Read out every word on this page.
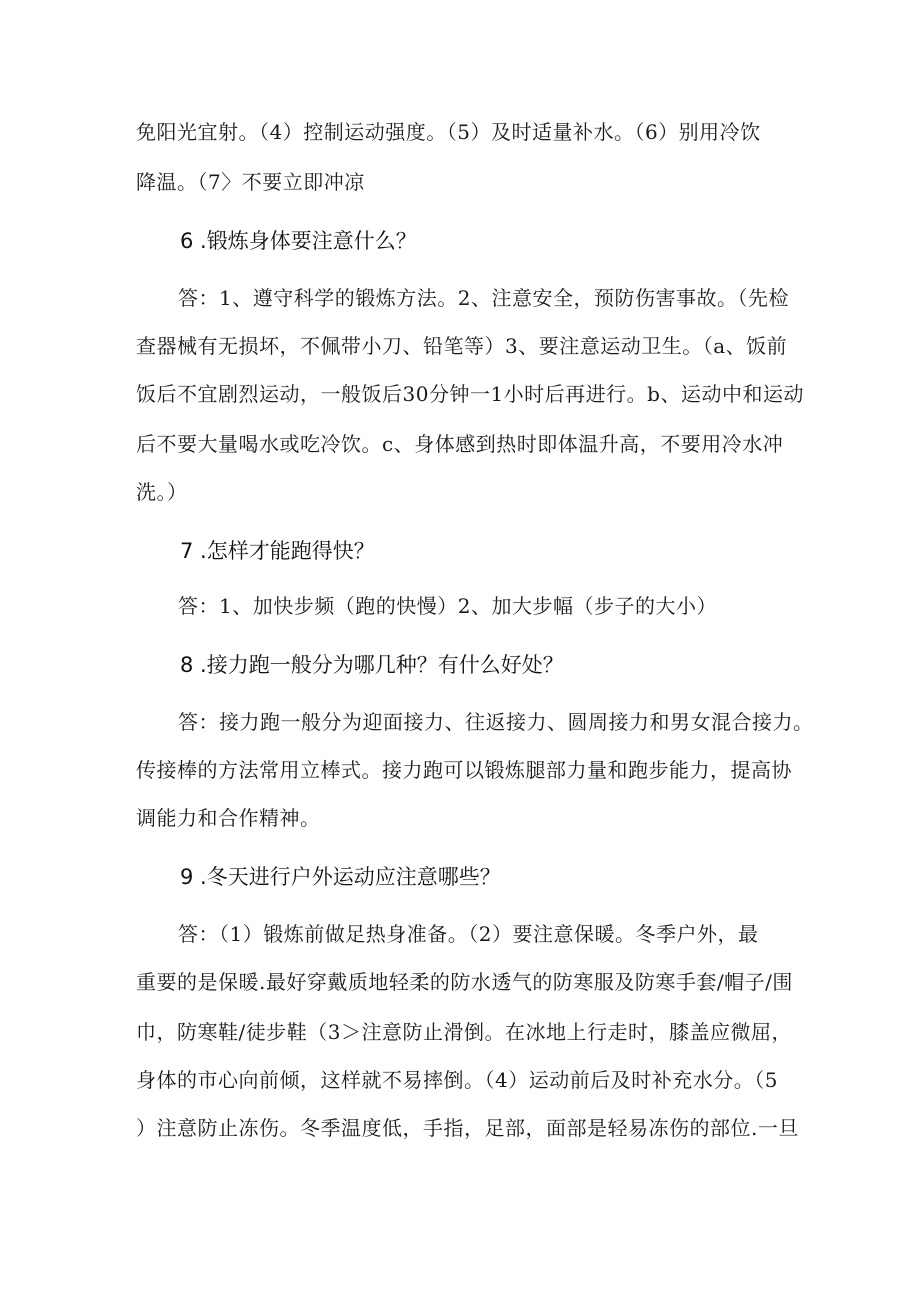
免阳光宜射。（4）控制运动强度。（5）及时适量补水。（6）别用冷饮
降温。（7〉不要立即冲凉
6 .锻炼身体要注意什么？
答：1、遵守科学的锻炼方法。2、注意安全，预防伤害事故。（先检
查器械有无损坏，不佩带小刀、铅笔等）3、要注意运动卫生。（a、饭前
饭后不宜剧烈运动，一般饭后30分钟一1小时后再进行。b、运动中和运动
后不要大量喝水或吃冷饮。c、身体感到热时即体温升高，不要用冷水冲
洗。）
7 .怎样才能跑得快？
答：1、加快步频（跑的快慢）2、加大步幅（步子的大小）
8 .接力跑一般分为哪几种？有什么好处？
答：接力跑一般分为迎面接力、往返接力、圆周接力和男女混合接力。
传接棒的方法常用立棒式。接力跑可以锻炼腿部力量和跑步能力，提高协
调能力和合作精神。
9 .冬天进行户外运动应注意哪些？
答：（1）锻炼前做足热身准备。（2）要注意保暖。冬季户外，最
重要的是保暖.最好穿戴质地轻柔的防水透气的防寒服及防寒手套/帽子/围
巾，防寒鞋/徒步鞋（3＞注意防止滑倒。在冰地上行走时，膝盖应微屈，
身体的市心向前倾，这样就不易摔倒。（4）运动前后及时补充水分。（5
）注意防止冻伤。冬季温度低，手指，足部，面部是轻易冻伤的部位.一旦
